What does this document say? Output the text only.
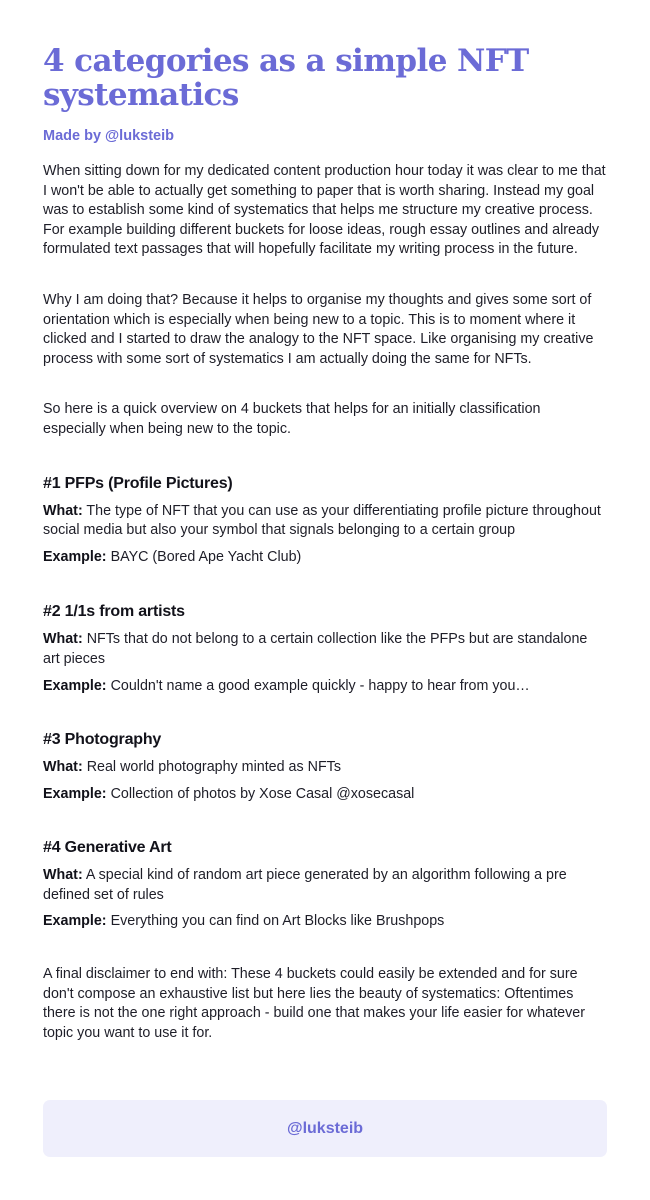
4 categories as a simple NFT systematics

Made by @luksteib

When sitting down for my dedicated content production hour today it was clear to me that I won't be able to actually get something to paper that is worth sharing. Instead my goal was to establish some kind of systematics that helps me structure my creative process. For example building different buckets for loose ideas, rough essay outlines and already formulated text passages that will hopefully facilitate my writing process in the future.

Why I am doing that? Because it helps to organise my thoughts and gives some sort of orientation which is especially when being new to a topic. This is to moment where it clicked and I started to draw the analogy to the NFT space. Like organising my creative process with some sort of systematics I am actually doing the same for NFTs.

So here is a quick overview on 4 buckets that helps for an initially classification especially when being new to the topic.

#1 PFPs (Profile Pictures)

What: The type of NFT that you can use as your differentiating profile picture throughout social media but also your symbol that signals belonging to a certain group

Example: BAYC (Bored Ape Yacht Club)

#2 1/1s from artists

What: NFTs that do not belong to a certain collection like the PFPs but are standalone art pieces

Example: Couldn't name a good example quickly - happy to hear from you…

#3 Photography

What: Real world photography minted as NFTs

Example: Collection of photos by Xose Casal @xosecasal

#4 Generative Art

What: A special kind of random art piece generated by an algorithm following a pre defined set of rules

Example: Everything you can find on Art Blocks like Brushpops

A final disclaimer to end with: These 4 buckets could easily be extended and for sure don't compose an exhaustive list but here lies the beauty of systematics: Oftentimes there is not the one right approach - build one that makes your life easier for whatever topic you want to use it for.

@luksteib
